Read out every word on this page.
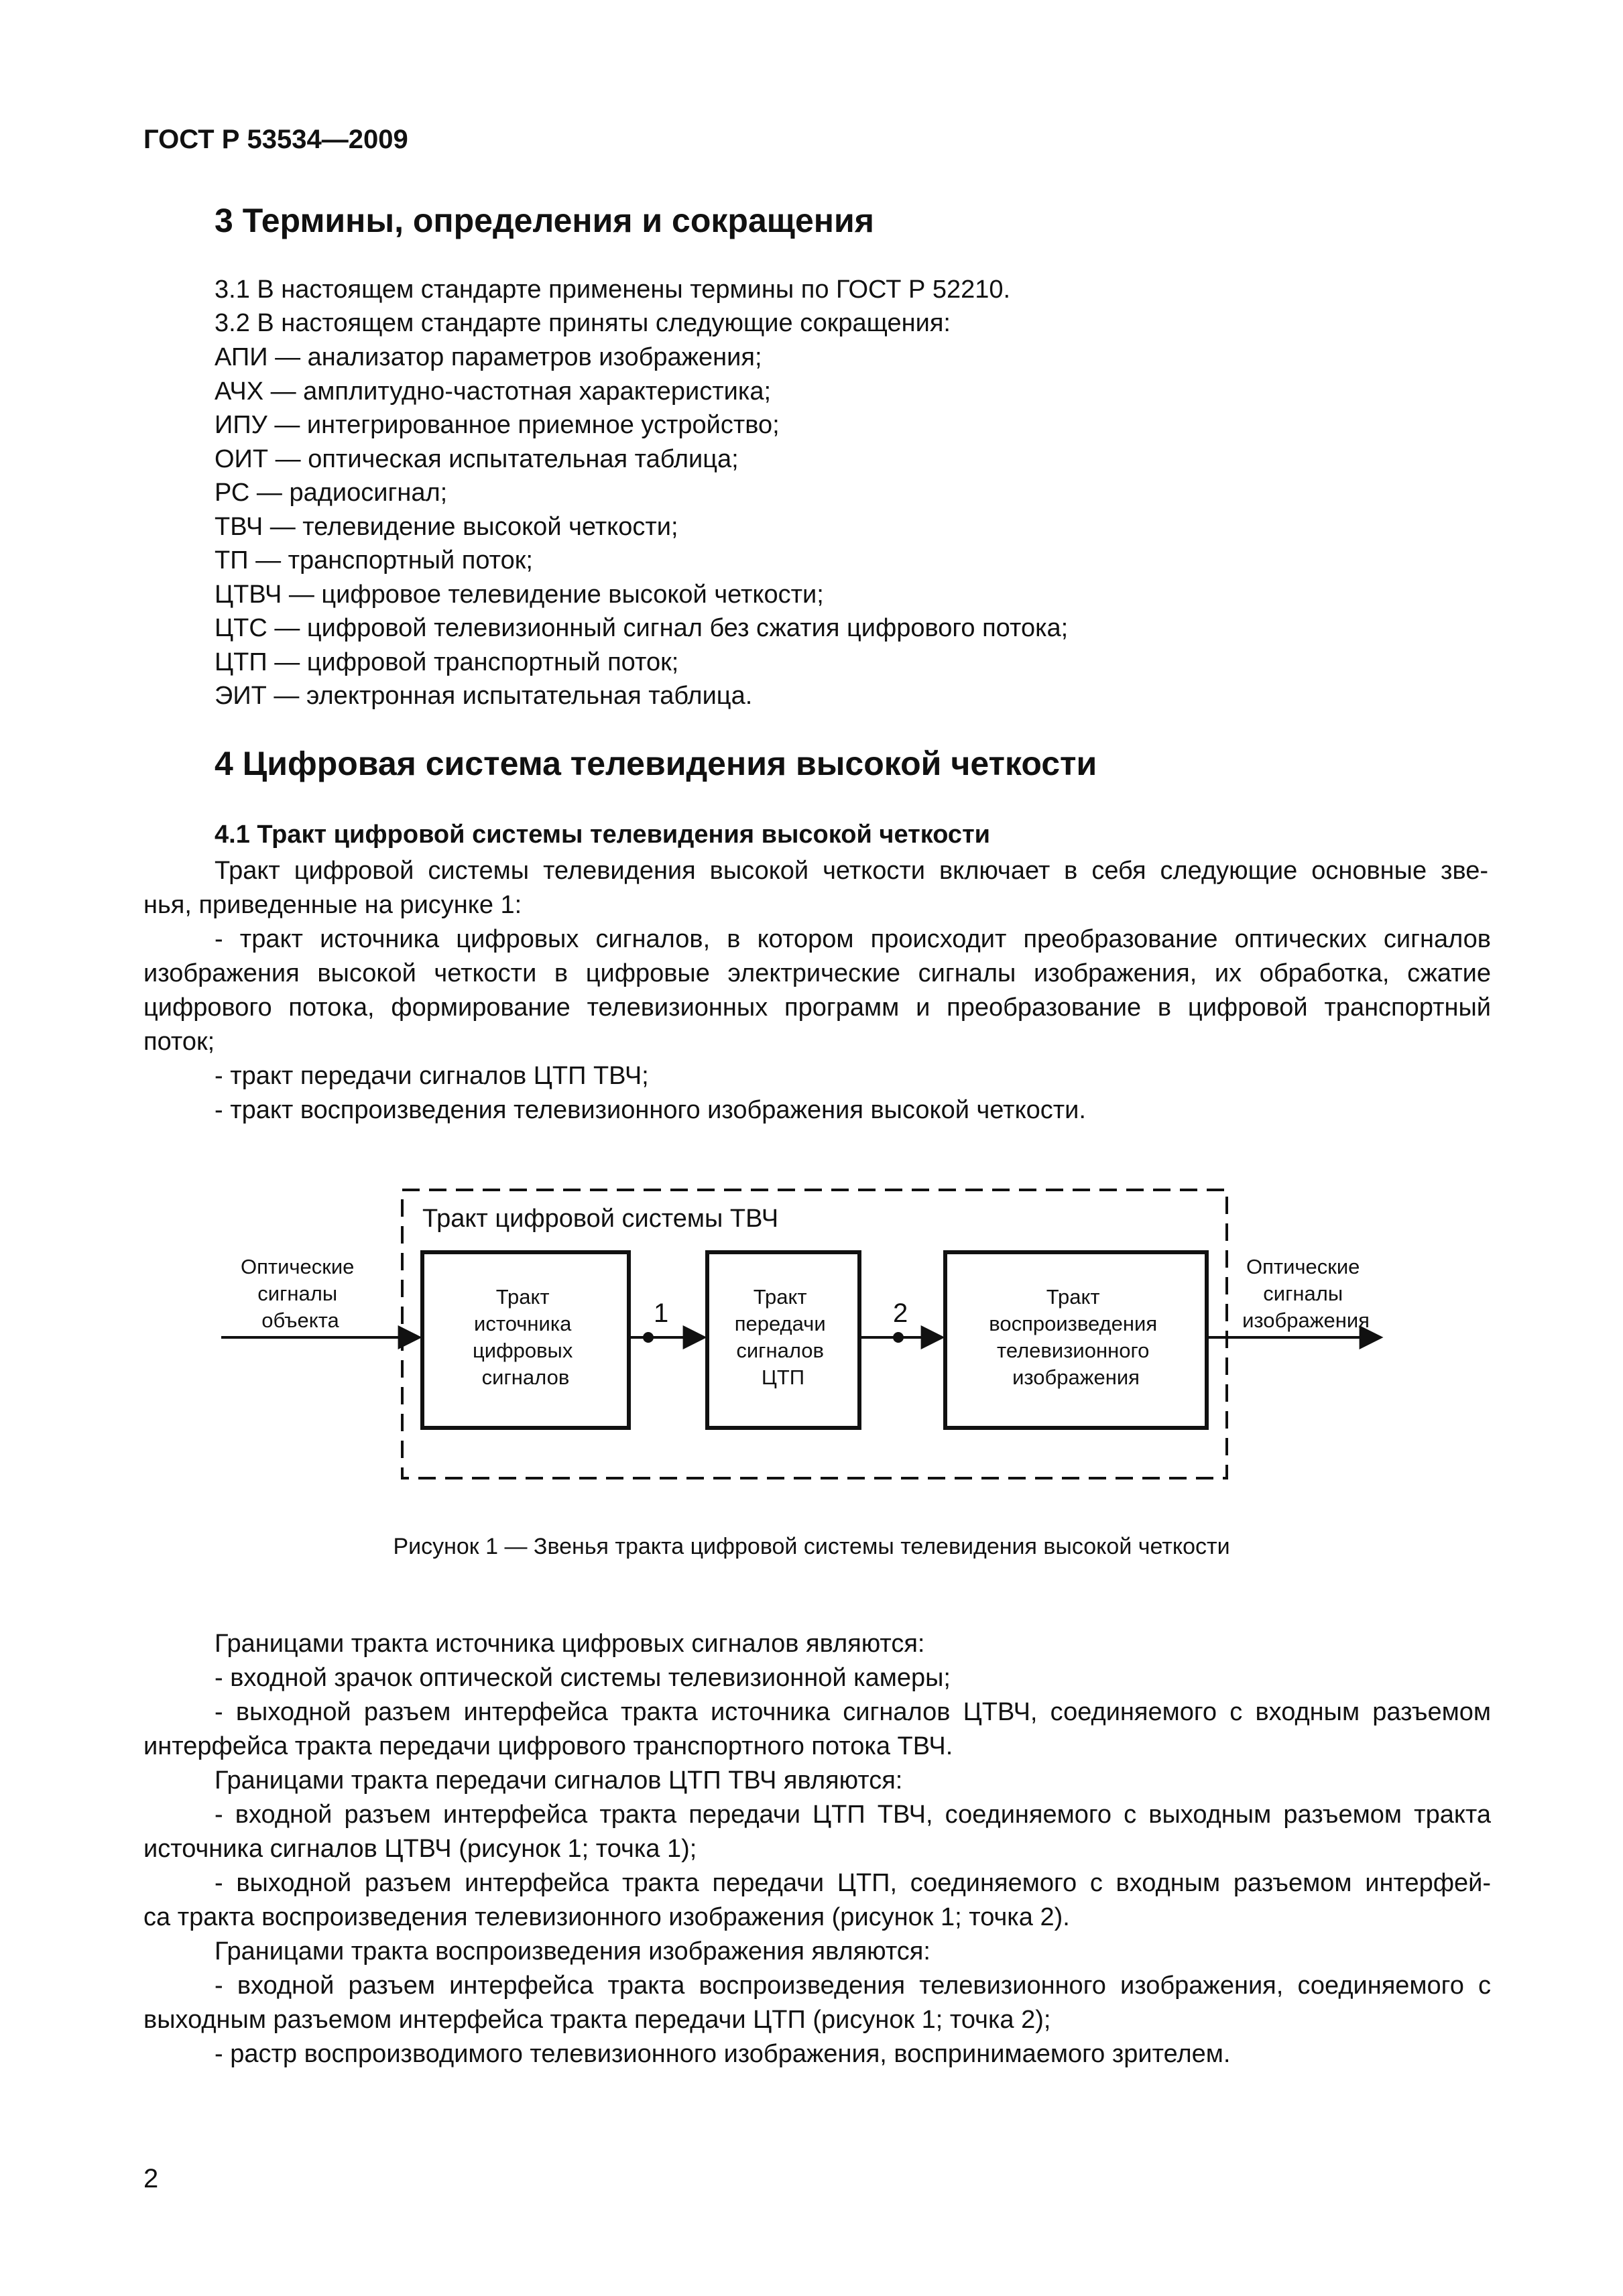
ГОСТ Р 53534—2009
3 Термины, определения и сокращения
3.1 В настоящем стандарте применены термины по ГОСТ Р 52210.
3.2 В настоящем стандарте приняты следующие сокращения:
АПИ — анализатор параметров изображения;
АЧХ — амплитудно-частотная характеристика;
ИПУ — интегрированное приемное устройство;
ОИТ — оптическая испытательная таблица;
РС — радиосигнал;
ТВЧ — телевидение высокой четкости;
ТП — транспортный поток;
ЦТВЧ — цифровое телевидение высокой четкости;
ЦТС — цифровой телевизионный сигнал без сжатия цифрового потока;
ЦТП — цифровой транспортный поток;
ЭИТ — электронная испытательная таблица.
4 Цифровая система телевидения высокой четкости
4.1 Тракт цифровой системы телевидения высокой четкости
Тракт цифровой системы телевидения высокой четкости включает в себя следующие основные зве-
нья, приведенные на рисунке 1:
- тракт источника цифровых сигналов, в котором происходит преобразование оптических сигналов
изображения высокой четкости в цифровые электрические сигналы изображения, их обработка, сжатие
цифрового потока, формирование телевизионных программ и преобразование в цифровой транспортный
поток;
- тракт передачи сигналов ЦТП ТВЧ;
- тракт воспроизведения телевизионного изображения высокой четкости.
Тракт цифровой системы ТВЧ
Тракт источника цифровых сигналов
Тракт передачи сигналов ЦТП
Тракт воспроизведения телевизионного изображения
Оптические сигналы объекта
Оптические сигналы изображения
1	2
Рисунок 1 — Звенья тракта цифровой системы телевидения высокой четкости
Границами тракта источника цифровых сигналов являются:
- входной зрачок оптической системы телевизионной камеры;
- выходной разъем интерфейса тракта источника сигналов ЦТВЧ, соединяемого с входным разъемом
интерфейса тракта передачи цифрового транспортного потока ТВЧ.
Границами тракта передачи сигналов ЦТП ТВЧ являются:
- входной разъем интерфейса тракта передачи ЦТП ТВЧ, соединяемого с выходным разъемом тракта
источника сигналов ЦТВЧ (рисунок 1; точка 1);
- выходной разъем интерфейса тракта передачи ЦТП, соединяемого с входным разъемом интерфей-
са тракта воспроизведения телевизионного изображения (рисунок 1; точка 2).
Границами тракта воспроизведения изображения являются:
- входной разъем интерфейса тракта воспроизведения телевизионного изображения, соединяемого с
выходным разъемом интерфейса тракта передачи ЦТП (рисунок 1; точка 2);
- растр воспроизводимого телевизионного изображения, воспринимаемого зрителем.
2
